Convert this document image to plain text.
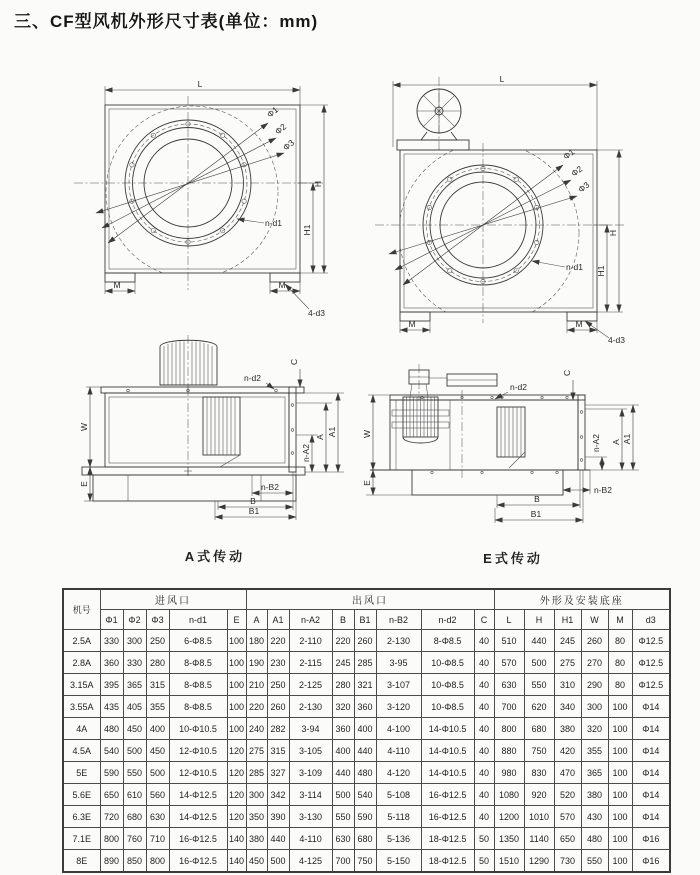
三、CF型风机外形尺寸表(单位：mm)
L
Φ1
Φ2
Φ3
n-d1
H
H1
M	M
4-d3
L
Φ1
Φ2
Φ3
n-d1
H
H1
M	M
4-d3
W
E
n-d2
C
n-A2
A A1
n-B2
B
B1
W
E
n-d2
C
n-A2 A A1
n-B2
B
B1
A式传动	E式传动
机号	进风口					出风口								外形及安装底座					
	Φ1	Φ2	Φ3	n-d1	E	A	A1	n-A2	B	B1	n-B2	n-d2	C	L	H	H1	W	M	d3
2.5A	330	300	250	6-Φ8.5	100	180	220	2-110	220	260	2-130	8-Φ8.5	40	510	440	245	260	80	Φ12.5
2.8A	360	330	280	8-Φ8.5	100	190	230	2-115	245	285	3-95	10-Φ8.5	40	570	500	275	270	80	Φ12.5
3.15A	395	365	315	8-Φ8.5	100	210	250	2-125	280	321	3-107	10-Φ8.5	40	630	550	310	290	80	Φ12.5
3.55A	435	405	355	8-Φ8.5	100	220	260	2-130	320	360	3-120	10-Φ8.5	40	700	620	340	300	100	Φ14
4A	480	450	400	10-Φ10.5	100	240	282	3-94	360	400	4-100	14-Φ10.5	40	800	680	380	320	100	Φ14
4.5A	540	500	450	12-Φ10.5	120	275	315	3-105	400	440	4-110	14-Φ10.5	40	880	750	420	355	100	Φ14
5E	590	550	500	12-Φ10.5	120	285	327	3-109	440	480	4-120	14-Φ10.5	40	980	830	470	365	100	Φ14
5.6E	650	610	560	14-Φ12.5	120	300	342	3-114	500	540	5-108	16-Φ12.5	40	1080	920	520	380	100	Φ14
6.3E	720	680	630	14-Φ12.5	120	350	390	3-130	550	590	5-118	16-Φ12.5	40	1200	1010	570	430	100	Φ14
7.1E	800	760	710	16-Φ12.5	140	380	440	4-110	630	680	5-136	18-Φ12.5	50	1350	1140	650	480	100	Φ16
8E	890	850	800	16-Φ12.5	140	450	500	4-125	700	750	5-150	18-Φ12.5	50	1510	1290	730	550	100	Φ16
